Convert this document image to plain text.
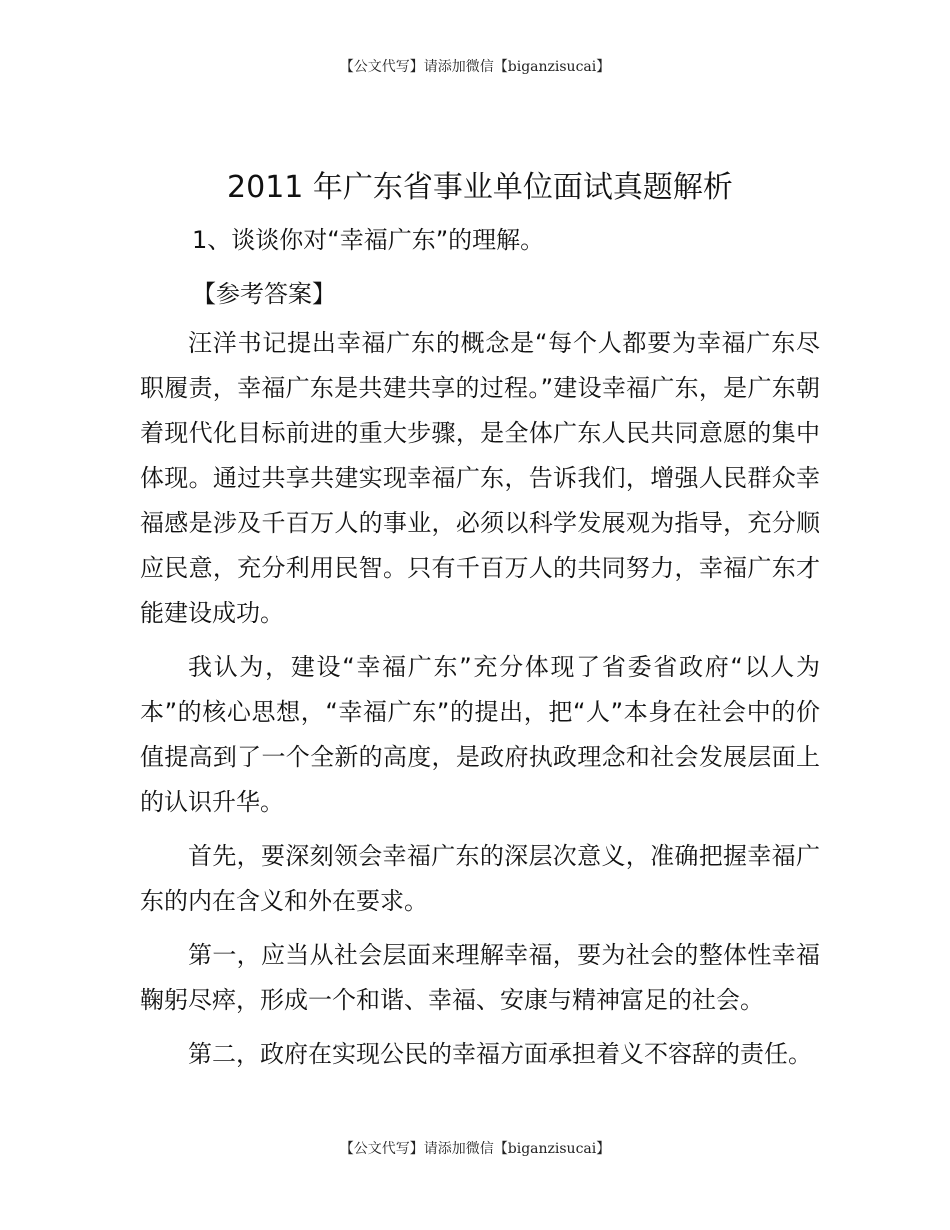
【公文代写】请添加微信【biganzisucai】
2011 年广东省事业单位面试真题解析

1、谈谈你对“幸福广东”的理解。

【参考答案】

汪洋书记提出幸福广东的概念是“每个人都要为幸福广东尽职履责，幸福广东是共建共享的过程。”建设幸福广东，是广东朝着现代化目标前进的重大步骤，是全体广东人民共同意愿的集中体现。通过共享共建实现幸福广东，告诉我们，增强人民群众幸福感是涉及千百万人的事业，必须以科学发展观为指导，充分顺应民意，充分利用民智。只有千百万人的共同努力，幸福广东才能建设成功。

我认为，建设“幸福广东”充分体现了省委省政府“以人为本”的核心思想，“幸福广东”的提出，把“人”本身在社会中的价值提高到了一个全新的高度，是政府执政理念和社会发展层面上的认识升华。

首先，要深刻领会幸福广东的深层次意义，准确把握幸福广东的内在含义和外在要求。

第一，应当从社会层面来理解幸福，要为社会的整体性幸福鞠躬尽瘁，形成一个和谐、幸福、安康与精神富足的社会。

第二，政府在实现公民的幸福方面承担着义不容辞的责任。

【公文代写】请添加微信【biganzisucai】
